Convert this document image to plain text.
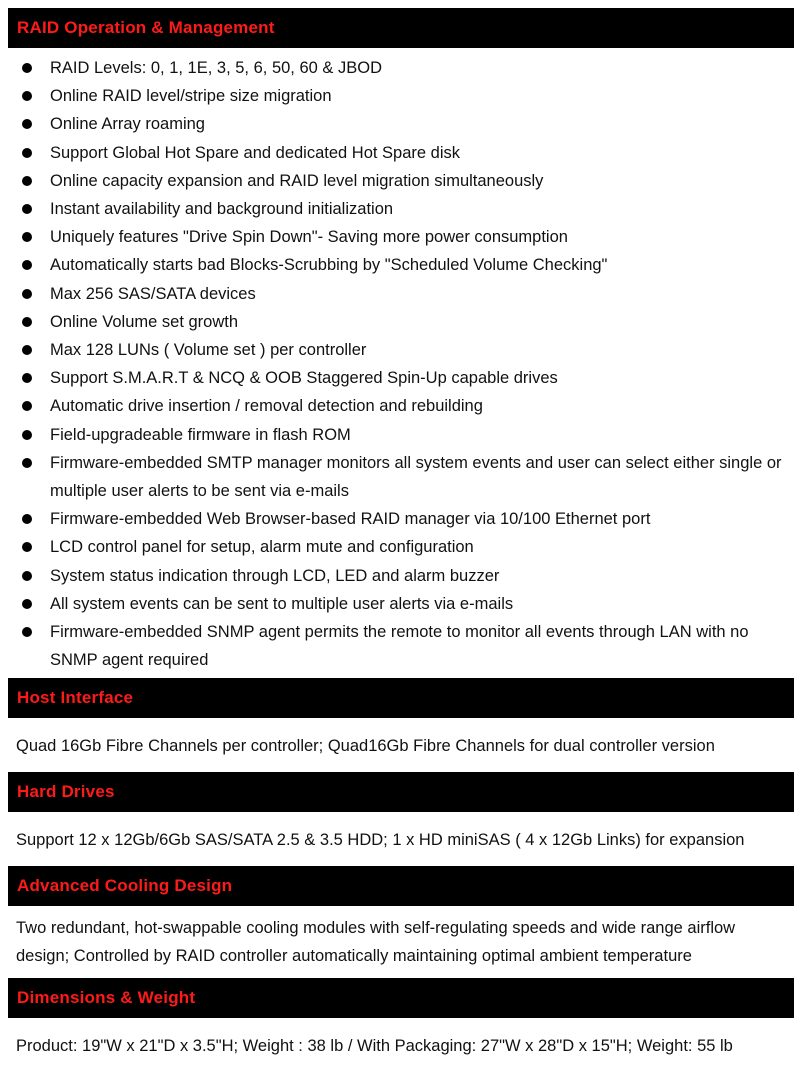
RAID Operation & Management
RAID Levels: 0, 1, 1E, 3, 5, 6, 50, 60 & JBOD
Online RAID level/stripe size migration
Online Array roaming
Support Global Hot Spare and dedicated Hot Spare disk
Online capacity expansion and RAID level migration simultaneously
Instant availability and background initialization
Uniquely features "Drive Spin Down"- Saving more power consumption
Automatically starts bad Blocks-Scrubbing by "Scheduled Volume Checking"
Max 256 SAS/SATA devices
Online Volume set growth
Max 128 LUNs ( Volume set ) per controller
Support S.M.A.R.T & NCQ & OOB Staggered Spin-Up capable drives
Automatic drive insertion / removal detection and rebuilding
Field-upgradeable firmware in flash ROM
Firmware-embedded SMTP manager monitors all system events and user can select either single or multiple user alerts to be sent via e-mails
Firmware-embedded Web Browser-based RAID manager via 10/100 Ethernet port
LCD control panel for setup, alarm mute and configuration
System status indication through LCD, LED and alarm buzzer
All system events can be sent to multiple user alerts via e-mails
Firmware-embedded SNMP agent permits the remote to monitor all events through LAN with no SNMP agent required
Host Interface
Quad 16Gb Fibre Channels per controller; Quad16Gb Fibre Channels for dual controller version
Hard Drives
Support 12 x 12Gb/6Gb SAS/SATA 2.5 & 3.5 HDD; 1 x HD miniSAS ( 4 x 12Gb Links) for expansion
Advanced Cooling Design
Two redundant, hot-swappable cooling modules with self-regulating speeds and wide range airflow design; Controlled by RAID controller automatically maintaining optimal ambient temperature
Dimensions & Weight
Product: 19"W x 21"D x 3.5"H; Weight : 38 lb / With Packaging: 27"W x 28"D x 15"H; Weight: 55 lb
